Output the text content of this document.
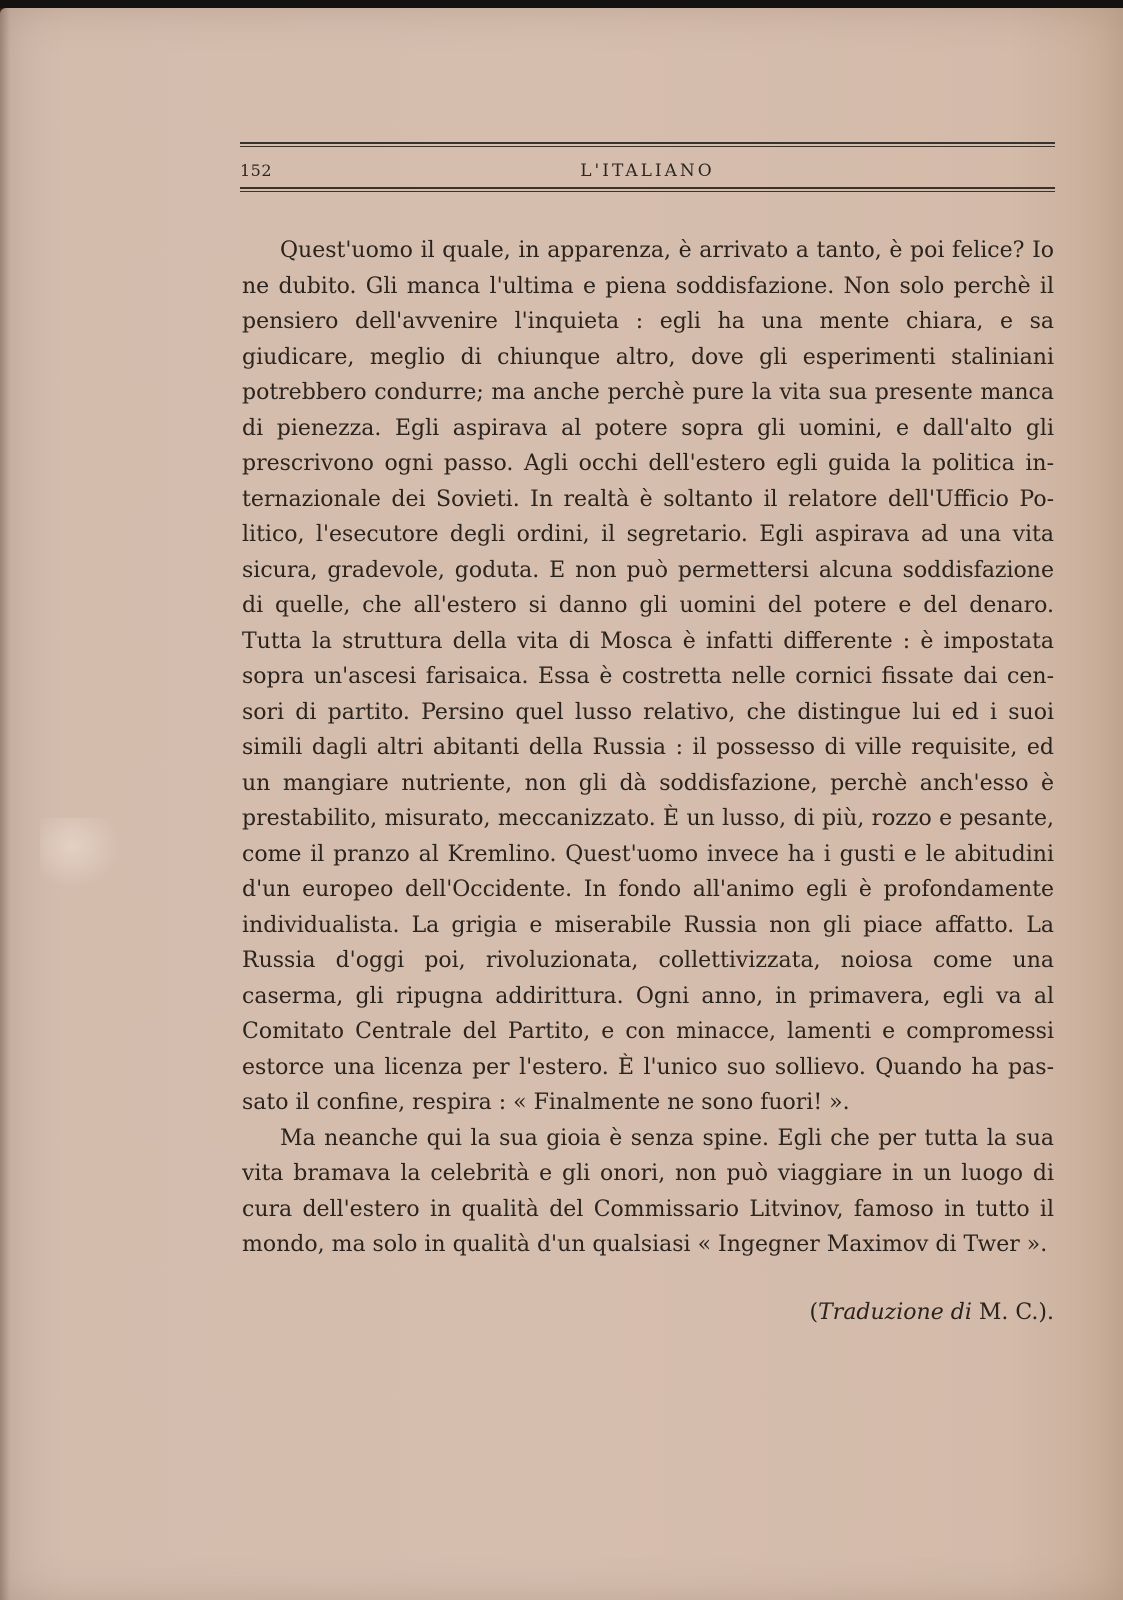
152	L'ITALIANO

Quest'uomo il quale, in apparenza, è arrivato a tanto, è poi felice? Io ne dubito. Gli manca l'ultima e piena soddisfazione. Non solo perchè il pensiero dell'avvenire l'inquieta : egli ha una mente chiara, e sa giudicare, meglio di chiunque altro, dove gli esperimenti staliniani potrebbero condurre; ma anche perchè pure la vita sua presente manca di pienezza. Egli aspirava al potere sopra gli uomini, e dall'alto gli prescrivono ogni passo. Agli occhi dell'estero egli guida la politica internazionale dei Sovieti. In realtà è soltanto il relatore dell'Ufficio Politico, l'esecutore degli ordini, il segretario. Egli aspirava ad una vita sicura, gradevole, goduta. E non può permettersi alcuna soddisfazione di quelle, che all'estero si danno gli uomini del potere e del denaro. Tutta la struttura della vita di Mosca è infatti differente : è impostata sopra un'ascesi farisaica. Essa è costretta nelle cornici fissate dai censori di partito. Persino quel lusso relativo, che distingue lui ed i suoi simili dagli altri abitanti della Russia : il possesso di ville requisite, ed un mangiare nutriente, non gli dà soddisfazione, perchè anch'esso è prestabilito, misurato, meccanizzato. È un lusso, di più, rozzo e pesante, come il pranzo al Kremlino. Quest'uomo invece ha i gusti e le abitudini d'un europeo dell'Occidente. In fondo all'animo egli è profondamente individualista. La grigia e miserabile Russia non gli piace affatto. La Russia d'oggi poi, rivoluzionata, collettivizzata, noiosa come una caserma, gli ripugna addirittura. Ogni anno, in primavera, egli va al Comitato Centrale del Partito, e con minacce, lamenti e compromessi estorce una licenza per l'estero. È l'unico suo sollievo. Quando ha passato il confine, respira : « Finalmente ne sono fuori! ».

Ma neanche qui la sua gioia è senza spine. Egli che per tutta la sua vita bramava la celebrità e gli onori, non può viaggiare in un luogo di cura dell'estero in qualità del Commissario Litvinov, famoso in tutto il mondo, ma solo in qualità d'un qualsiasi « Ingegner Maximov di Twer ».

(Traduzione di M. C.).
